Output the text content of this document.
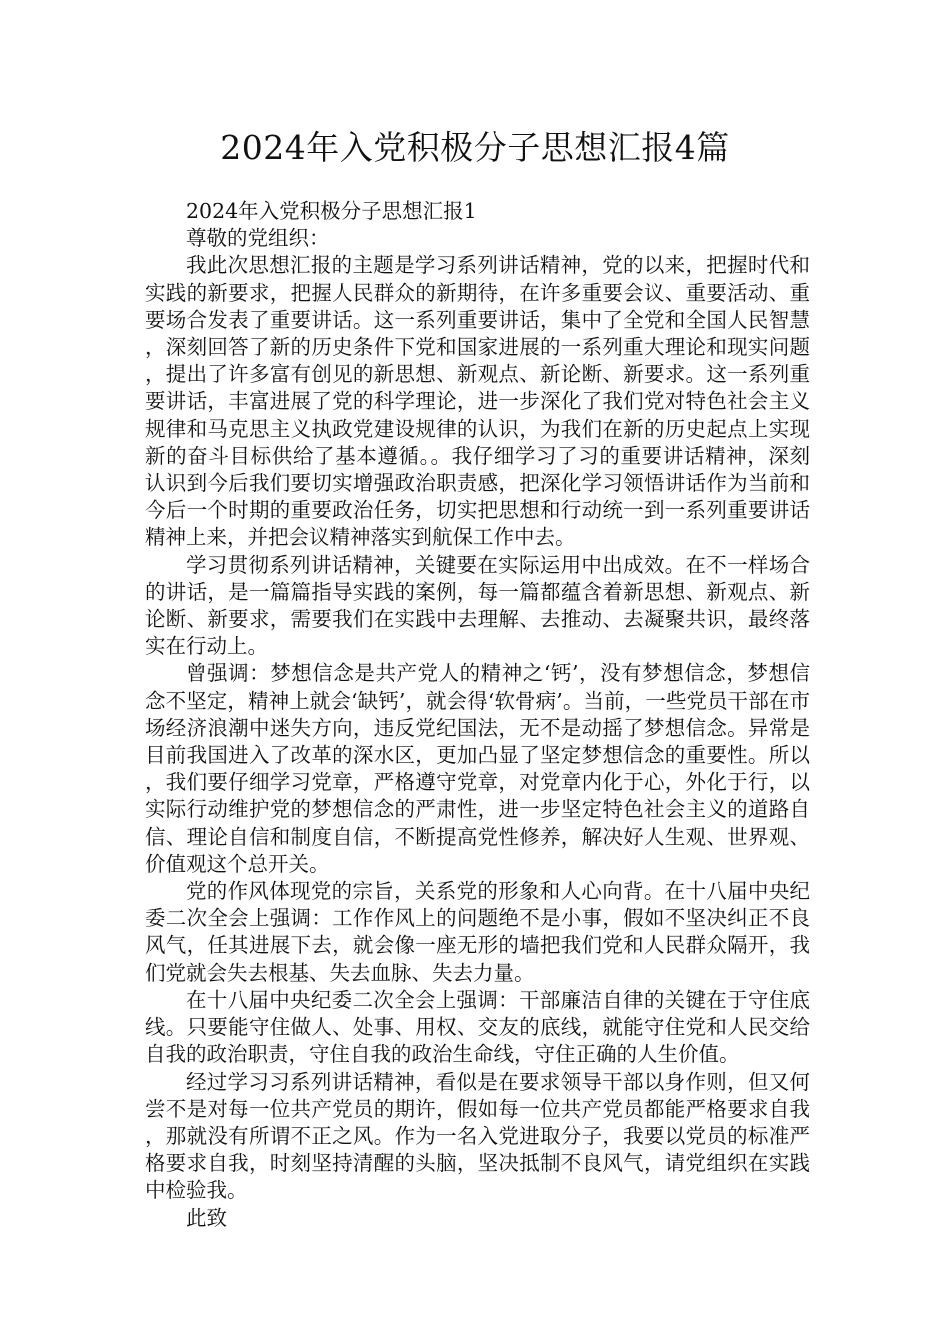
2024年入党积极分子思想汇报4篇

2024年入党积极分子思想汇报1

尊敬的党组织：

我此次思想汇报的主题是学习系列讲话精神，党的以来，把握时代和实践的新要求，把握人民群众的新期待，在许多重要会议、重要活动、重要场合发表了重要讲话。这一系列重要讲话，集中了全党和全国人民智慧，深刻回答了新的历史条件下党和国家进展的一系列重大理论和现实问题，提出了许多富有创见的新思想、新观点、新论断、新要求。这一系列重要讲话，丰富进展了党的科学理论，进一步深化了我们党对特色社会主义规律和马克思主义执政党建设规律的认识，为我们在新的历史起点上实现新的奋斗目标供给了基本遵循。。我仔细学习了习的重要讲话精神，深刻认识到今后我们要切实增强政治职责感，把深化学习领悟讲话作为当前和今后一个时期的重要政治任务，切实把思想和行动统一到一系列重要讲话精神上来，并把会议精神落实到航保工作中去。

学习贯彻系列讲话精神，关键要在实际运用中出成效。在不一样场合的讲话，是一篇篇指导实践的案例，每一篇都蕴含着新思想、新观点、新论断、新要求，需要我们在实践中去理解、去推动、去凝聚共识，最终落实在行动上。

曾强调：梦想信念是共产党人的精神之‘钙’，没有梦想信念，梦想信念不坚定，精神上就会‘缺钙’，就会得‘软骨病’。当前，一些党员干部在市场经济浪潮中迷失方向，违反党纪国法，无不是动摇了梦想信念。异常是目前我国进入了改革的深水区，更加凸显了坚定梦想信念的重要性。所以，我们要仔细学习党章，严格遵守党章，对党章内化于心，外化于行，以实际行动维护党的梦想信念的严肃性，进一步坚定特色社会主义的道路自信、理论自信和制度自信，不断提高党性修养，解决好人生观、世界观、价值观这个总开关。

党的作风体现党的宗旨，关系党的形象和人心向背。在十八届中央纪委二次全会上强调：工作作风上的问题绝不是小事，假如不坚决纠正不良风气，任其进展下去，就会像一座无形的墙把我们党和人民群众隔开，我们党就会失去根基、失去血脉、失去力量。

在十八届中央纪委二次全会上强调：干部廉洁自律的关键在于守住底线。只要能守住做人、处事、用权、交友的底线，就能守住党和人民交给自我的政治职责，守住自我的政治生命线，守住正确的人生价值。

经过学习习系列讲话精神，看似是在要求领导干部以身作则，但又何尝不是对每一位共产党员的期许，假如每一位共产党员都能严格要求自我，那就没有所谓不正之风。作为一名入党进取分子，我要以党员的标准严格要求自我，时刻坚持清醒的头脑，坚决抵制不良风气，请党组织在实践中检验我。

此致
